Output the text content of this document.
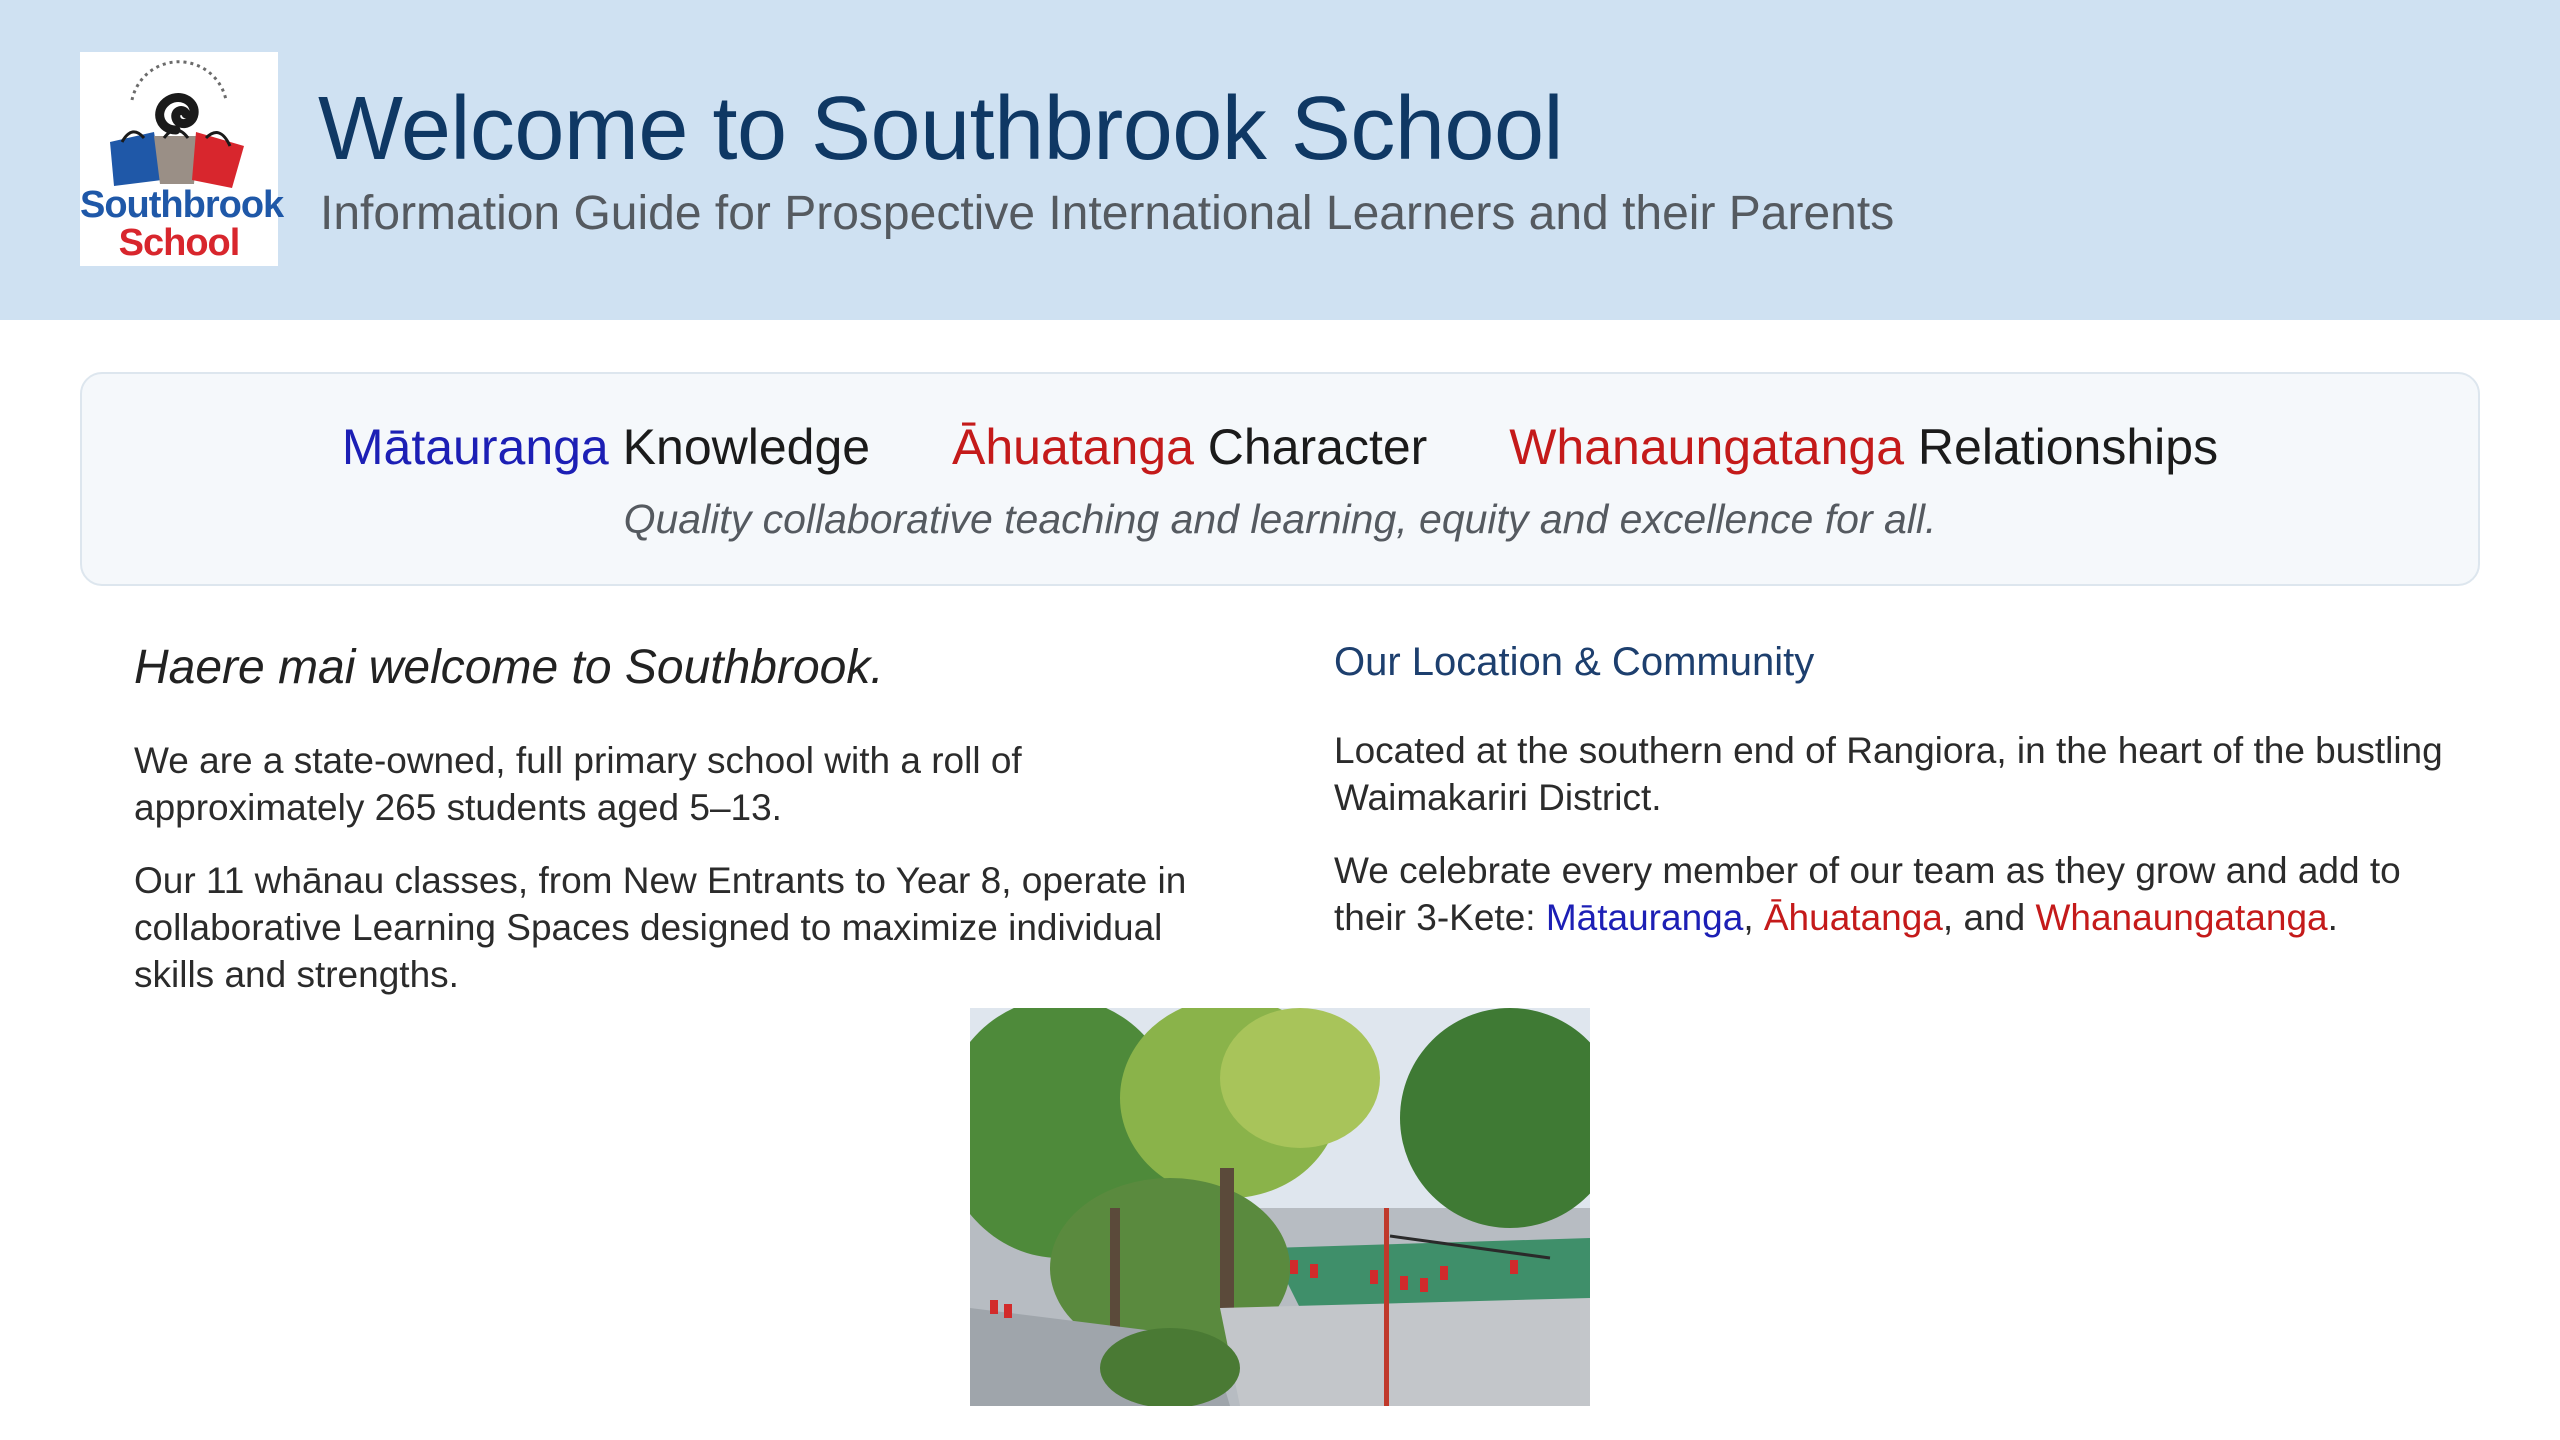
Southbrook
School
Welcome to Southbrook School
Information Guide for Prospective International Learners and their Parents
Mātauranga Knowledge Āhuatanga Character Whanaungatanga Relationships
Quality collaborative teaching and learning, equity and excellence for all.
Haere mai welcome to Southbrook.

We are a state-owned, full primary school with a roll of approximately 265 students aged 5–13.

Our 11 whānau classes, from New Entrants to Year 8, operate in collaborative Learning Spaces designed to maximize individual skills and strengths.

Our Location & Community

Located at the southern end of Rangiora, in the heart of the bustling Waimakariri District.

We celebrate every member of our team as they grow and add to their 3-Kete: Mātauranga, Āhuatanga, and Whanaungatanga.
